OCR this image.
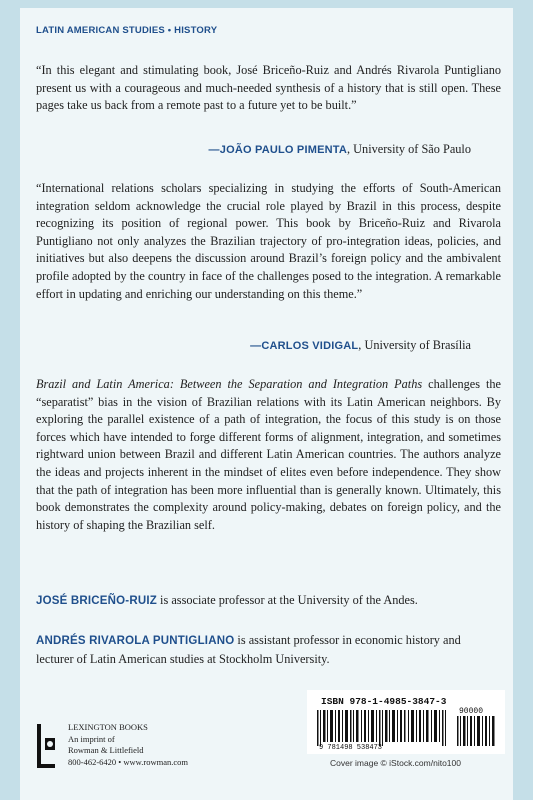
LATIN AMERICAN STUDIES • HISTORY
“In this elegant and stimulating book, José Briceño-Ruiz and Andrés Rivarola Puntigliano present us with a courageous and much-needed synthesis of a history that is still open. These pages take us back from a remote past to a future yet to be built.”
—JOÃO PAULO PIMENTA, University of São Paulo
“International relations scholars specializing in studying the efforts of South-American integration seldom acknowledge the crucial role played by Brazil in this process, despite recognizing its position of regional power. This book by Briceño-Ruiz and Rivarola Puntigliano not only analyzes the Brazilian trajectory of pro-integration ideas, policies, and initiatives but also deepens the discussion around Brazil’s foreign policy and the ambivalent profile adopted by the country in face of the challenges posed to the integration. A remarkable effort in updating and enriching our understanding on this theme.”
—CARLOS VIDIGAL, University of Brasília
Brazil and Latin America: Between the Separation and Integration Paths challenges the “separatist” bias in the vision of Brazilian relations with its Latin American neighbors. By exploring the parallel existence of a path of integration, the focus of this study is on those forces which have intended to forge different forms of alignment, integration, and sometimes rightward union between Brazil and different Latin American countries. The authors analyze the ideas and projects inherent in the mindset of elites even before independence. They show that the path of integration has been more influential than is generally known. Ultimately, this book demonstrates the complexity around policy-making, debates on foreign policy, and the history of shaping the Brazilian self.
JOSÉ BRICEÑO-RUIZ is associate professor at the University of the Andes.
ANDRÉS RIVAROLA PUNTIGLIANO is assistant professor in economic history and lecturer of Latin American studies at Stockholm University.
LEXINGTON BOOKS
An imprint of
Rowman & Littlefield
800-462-6420 • www.rowman.com
ISBN 978-1-4985-3847-3
90000
9 781498 538473
Cover image © iStock.com/nito100
